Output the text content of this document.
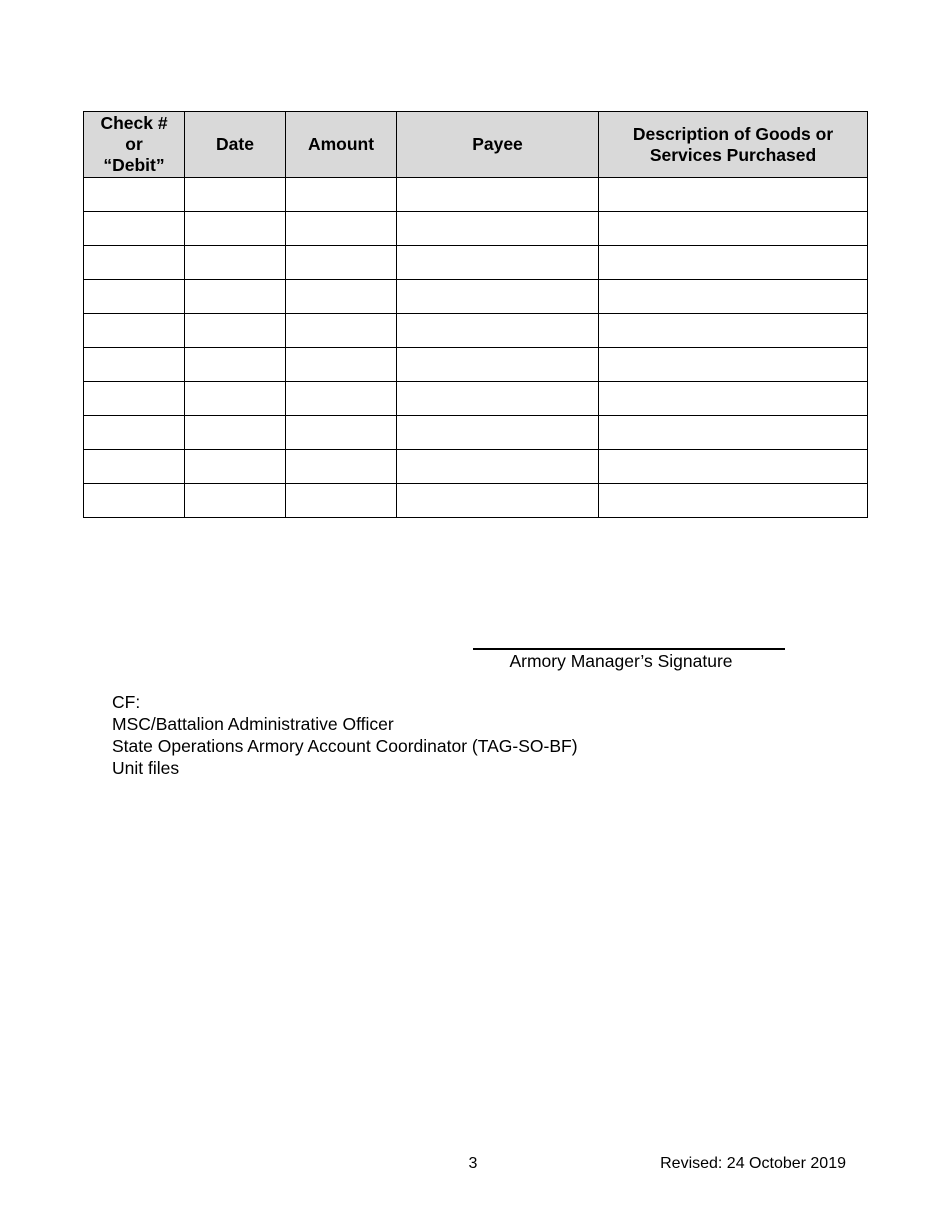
Check #
or
“Debit”	Date	Amount	Payee	Description of Goods or
Services Purchased

Armory Manager’s Signature
CF:
MSC/Battalion Administrative Officer
State Operations Armory Account Coordinator (TAG-SO-BF)
Unit files
3	Revised: 24 October 2019
